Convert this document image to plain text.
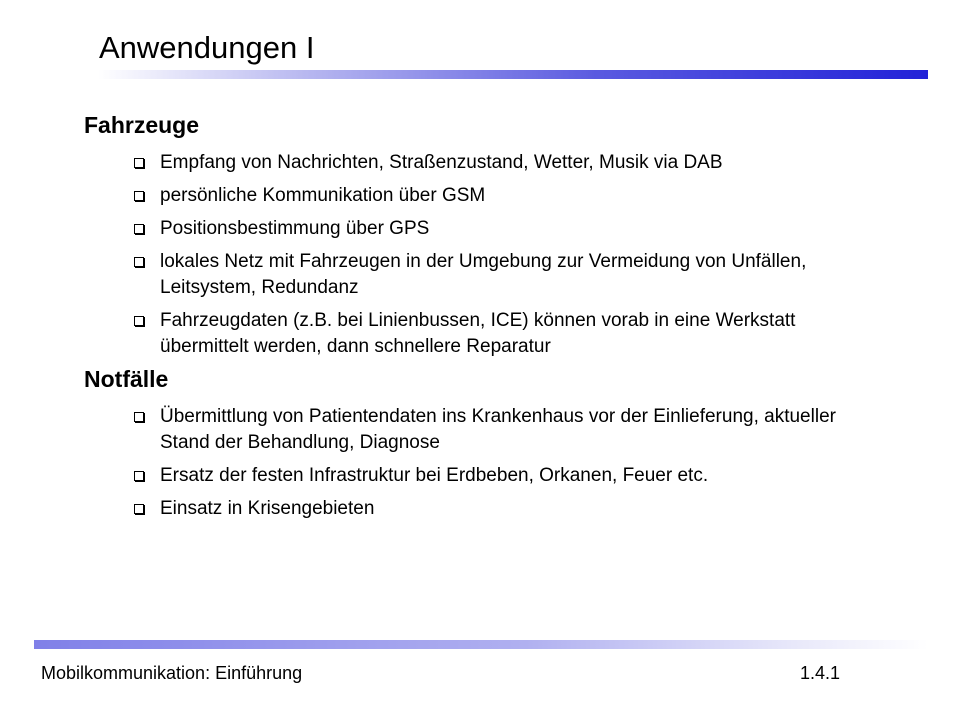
Anwendungen I
Fahrzeuge
Empfang von Nachrichten, Straßenzustand, Wetter, Musik via DAB
persönliche Kommunikation über GSM
Positionsbestimmung über GPS
lokales Netz mit Fahrzeugen in der Umgebung zur Vermeidung von Unfällen, Leitsystem, Redundanz
Fahrzeugdaten (z.B. bei Linienbussen, ICE) können vorab in eine Werkstatt übermittelt werden, dann schnellere Reparatur
Notfälle
Übermittlung von Patientendaten ins Krankenhaus vor der Einlieferung, aktueller Stand der Behandlung, Diagnose
Ersatz der festen Infrastruktur bei Erdbeben, Orkanen, Feuer etc.
Einsatz in Krisengebieten
Mobilkommunikation: Einführung	1.4.1
